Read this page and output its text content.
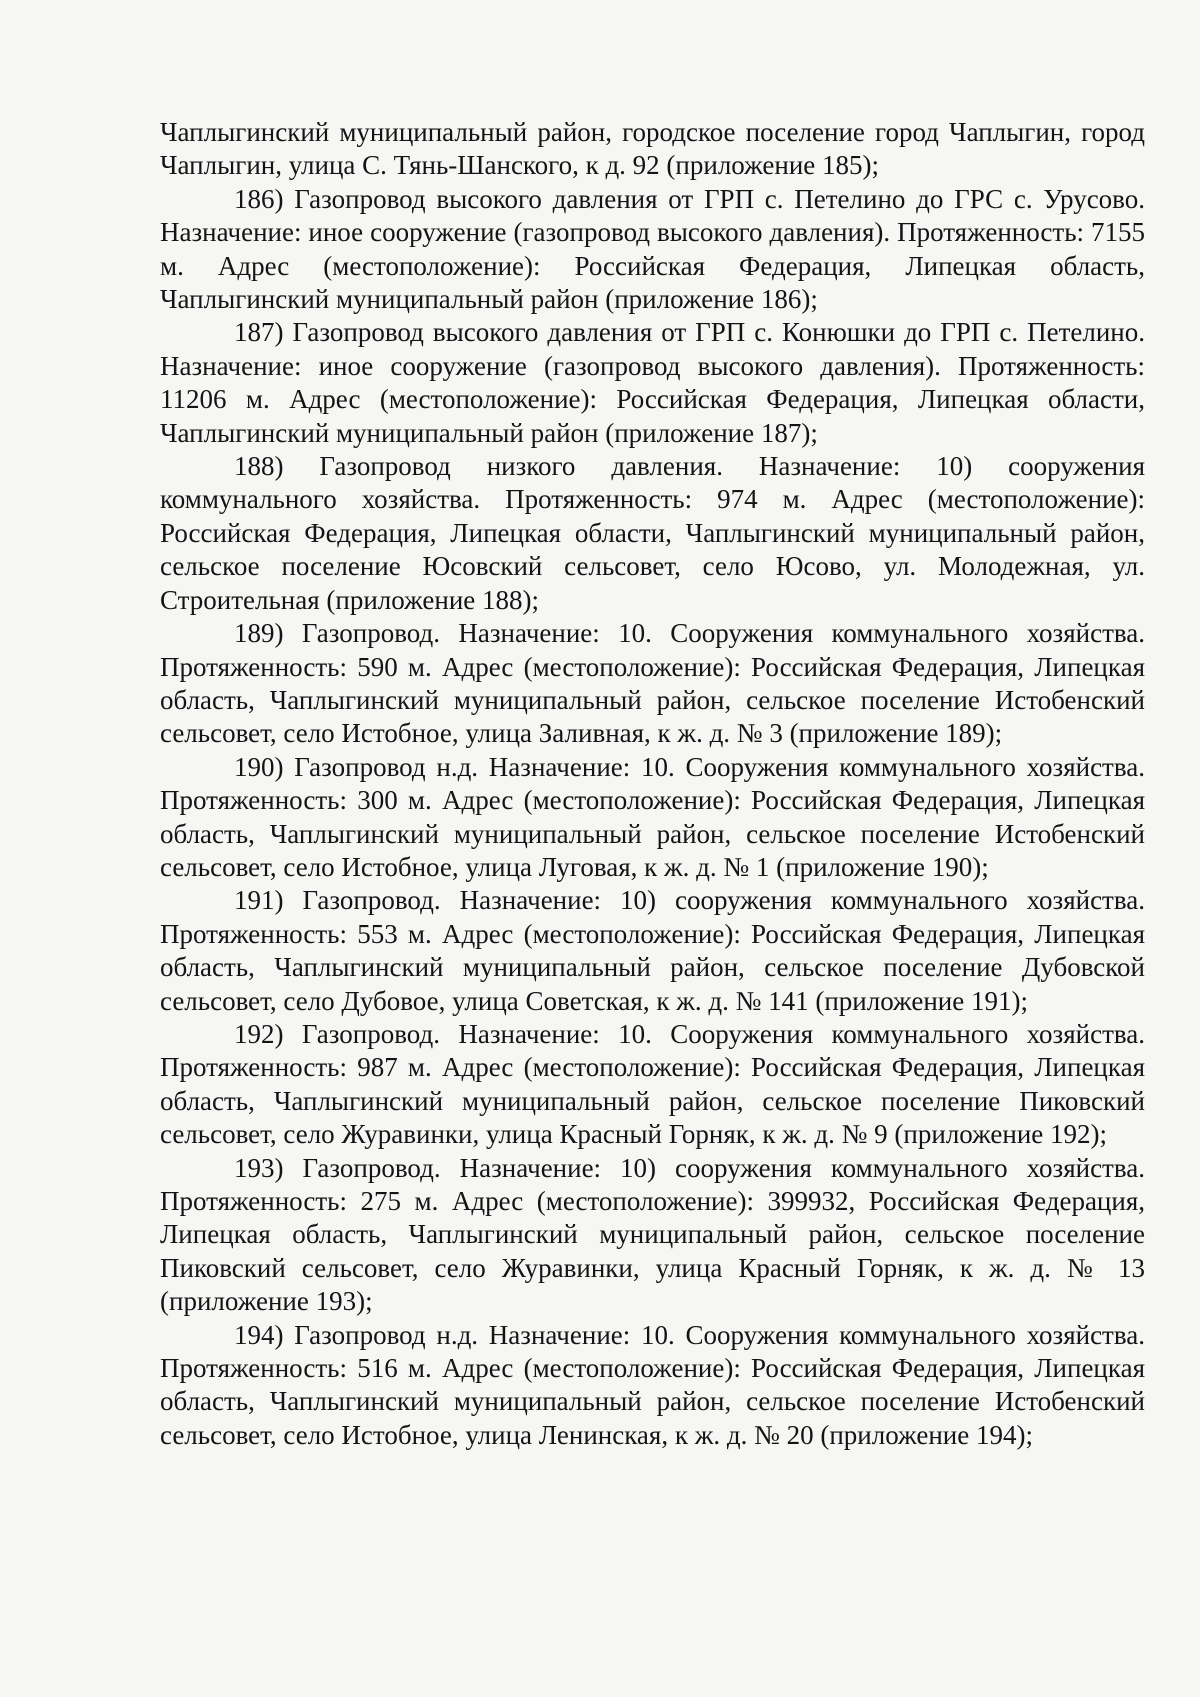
Чаплыгинский муниципальный район, городское поселение город Чаплыгин, город Чаплыгин, улица С. Тянь-Шанского, к д. 92 (приложение 185);

186) Газопровод высокого давления от ГРП с. Петелино до ГРС с. Урусово. Назначение: иное сооружение (газопровод высокого давления). Протяженность: 7155 м. Адрес (местоположение): Российская Федерация, Липецкая область, Чаплыгинский муниципальный район (приложение 186);

187) Газопровод высокого давления от ГРП с. Конюшки до ГРП с. Петелино. Назначение: иное сооружение (газопровод высокого давления). Протяженность: 11206 м. Адрес (местоположение): Российская Федерация, Липецкая области, Чаплыгинский муниципальный район (приложение 187);

188) Газопровод низкого давления. Назначение: 10) сооружения коммунального хозяйства. Протяженность: 974 м. Адрес (местоположение): Российская Федерация, Липецкая области, Чаплыгинский муниципальный район, сельское поселение Юсовский сельсовет, село Юсово, ул. Молодежная, ул. Строительная (приложение 188);

189) Газопровод. Назначение: 10. Сооружения коммунального хозяйства. Протяженность: 590 м. Адрес (местоположение): Российская Федерация, Липецкая область, Чаплыгинский муниципальный район, сельское поселение Истобенский сельсовет, село Истобное, улица Заливная, к ж. д. № 3 (приложение 189);

190) Газопровод н.д. Назначение: 10. Сооружения коммунального хозяйства. Протяженность: 300 м. Адрес (местоположение): Российская Федерация, Липецкая область, Чаплыгинский муниципальный район, сельское поселение Истобенский сельсовет, село Истобное, улица Луговая, к ж. д. № 1 (приложение 190);

191) Газопровод. Назначение: 10) сооружения коммунального хозяйства. Протяженность: 553 м. Адрес (местоположение): Российская Федерация, Липецкая область, Чаплыгинский муниципальный район, сельское поселение Дубовской сельсовет, село Дубовое, улица Советская, к ж. д. № 141 (приложение 191);

192) Газопровод. Назначение: 10. Сооружения коммунального хозяйства. Протяженность: 987 м. Адрес (местоположение): Российская Федерация, Липецкая область, Чаплыгинский муниципальный район, сельское поселение Пиковский сельсовет, село Журавинки, улица Красный Горняк, к ж. д. № 9 (приложение 192);

193) Газопровод. Назначение: 10) сооружения коммунального хозяйства. Протяженность: 275 м. Адрес (местоположение): 399932, Российская Федерация, Липецкая область, Чаплыгинский муниципальный район, сельское поселение Пиковский сельсовет, село Журавинки, улица Красный Горняк, к ж. д. № 13 (приложение 193);

194) Газопровод н.д. Назначение: 10. Сооружения коммунального хозяйства. Протяженность: 516 м. Адрес (местоположение): Российская Федерация, Липецкая область, Чаплыгинский муниципальный район, сельское поселение Истобенский сельсовет, село Истобное, улица Ленинская, к ж. д. № 20 (приложение 194);
